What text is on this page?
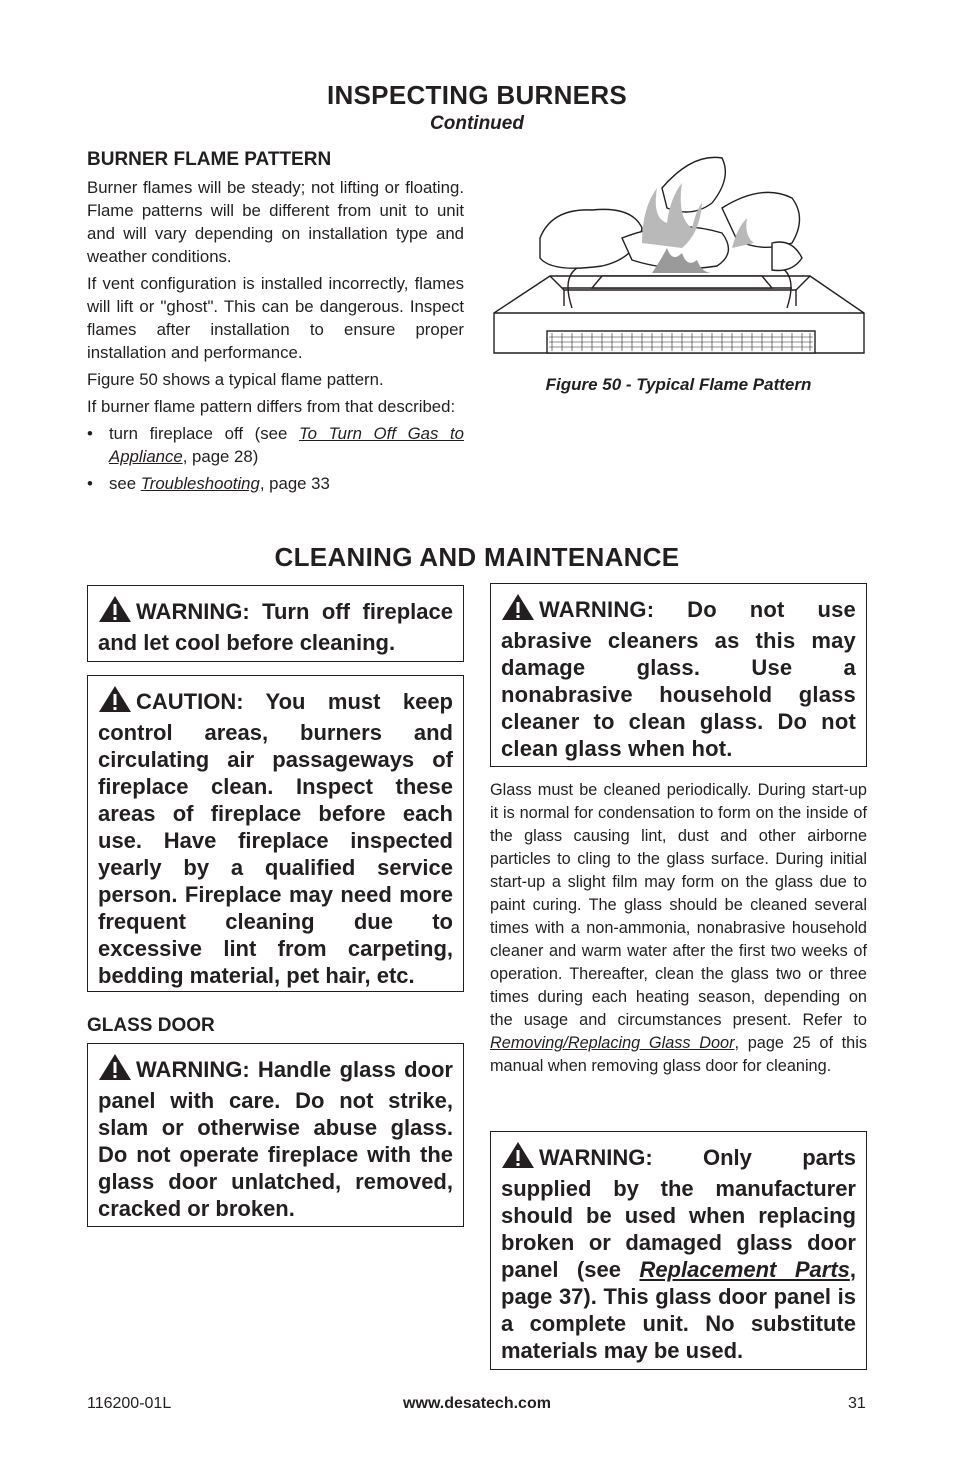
INSPECTING BURNERS
Continued
BURNER FLAME PATTERN

Burner flames will be steady; not lifting or floating. Flame patterns will be different from unit to unit and will vary depending on installation type and weather conditions.

If vent configuration is installed incorrectly, flames will lift or "ghost". This can be dangerous. Inspect flames after installation to ensure proper installation and performance.

Figure 50 shows a typical flame pattern.

If burner flame pattern differs from that described:

• turn fireplace off (see To Turn Off Gas to Appliance, page 28)
• see Troubleshooting, page 33
Figure 50 - Typical Flame Pattern
CLEANING AND MAINTENANCE
WARNING: Turn off fireplace and let cool before cleaning.
CAUTION: You must keep control areas, burners and circulating air passageways of fireplace clean. Inspect these areas of fireplace before each use. Have fireplace inspected yearly by a qualified service person. Fireplace may need more frequent cleaning due to excessive lint from carpeting, bedding material, pet hair, etc.
GLASS DOOR
WARNING: Handle glass door panel with care. Do not strike, slam or otherwise abuse glass. Do not operate fireplace with the glass door unlatched, removed, cracked or broken.
WARNING: Do not use abrasive cleaners as this may damage glass. Use a nonabrasive household glass cleaner to clean glass. Do not clean glass when hot.
Glass must be cleaned periodically. During start-up it is normal for condensation to form on the inside of the glass causing lint, dust and other airborne particles to cling to the glass surface. During initial start-up a slight film may form on the glass due to paint curing. The glass should be cleaned several times with a non-ammonia, nonabrasive household cleaner and warm water after the first two weeks of operation. Thereafter, clean the glass two or three times during each heating season, depending on the usage and circumstances present. Refer to Removing/Replacing Glass Door, page 25 of this manual when removing glass door for cleaning.
WARNING: Only parts supplied by the manufacturer should be used when replacing broken or damaged glass door panel (see Replacement Parts, page 37). This glass door panel is a complete unit. No substitute materials may be used.
116200-01L	www.desatech.com	31
